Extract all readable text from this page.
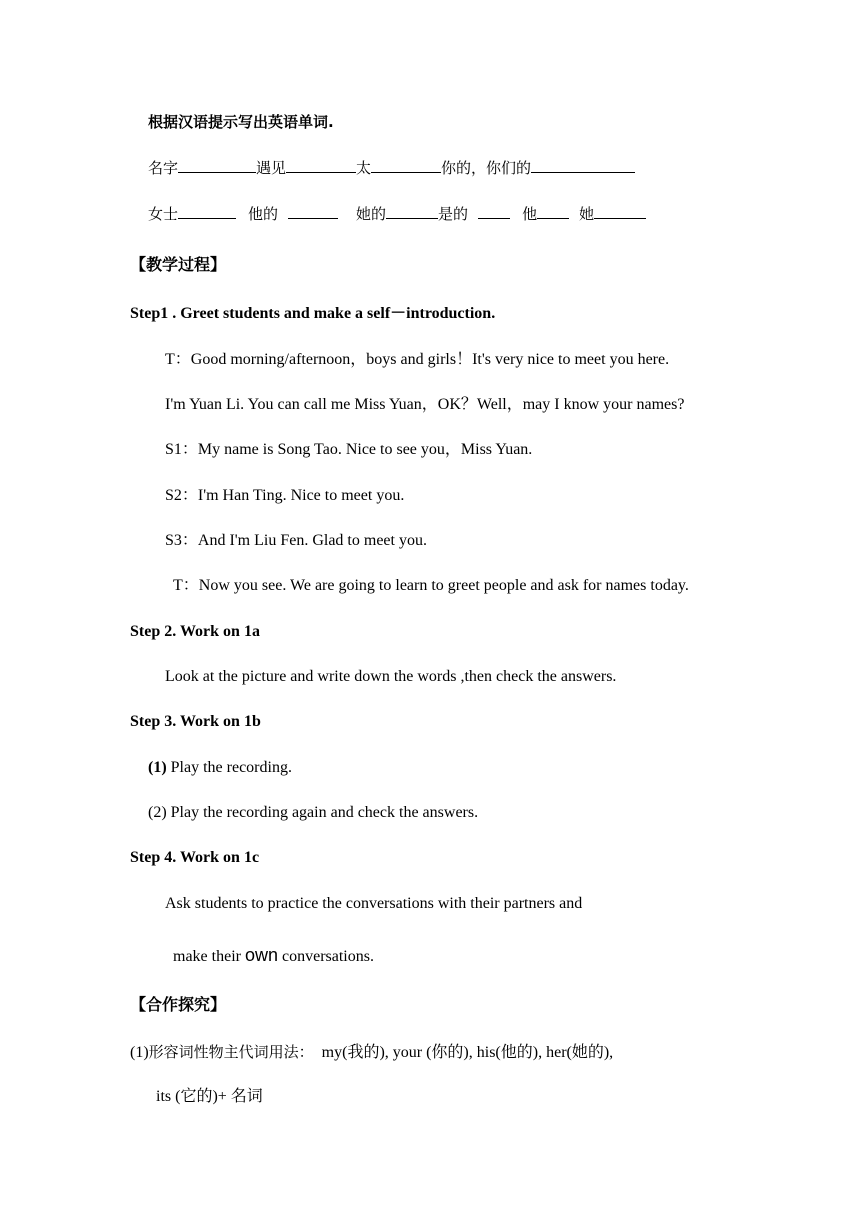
根据汉语提示写出英语单词.
名字	遇见	太	你的，你们的
女士	他的	她的	是的	他	她
【教学过程】
Step1 . Greet students and make a self－introduction.
T：Good morning/afternoon，boys and girls！It's very nice to meet you here.
I'm Yuan Li. You can call me Miss Yuan，OK？Well，may I know your names?
S1：My name is Song Tao. Nice to see you，Miss Yuan.
S2：I'm Han Ting. Nice to meet you.
S3：And I'm Liu Fen. Glad to meet you.
T：Now you see. We are going to learn to greet people and ask for names today.
Step 2. Work on 1a
Look at the picture and write down the words ,then check the answers.
Step 3. Work on 1b
(1) Play the recording.
(2) Play the recording again and check the answers.
Step 4. Work on 1c
Ask students to practice the conversations with their partners and
make their own conversations.
【合作探究】
(1)形容词性物主代词用法： my(我的), your (你的), his(他的), her(她的),
its (它的)+ 名词
